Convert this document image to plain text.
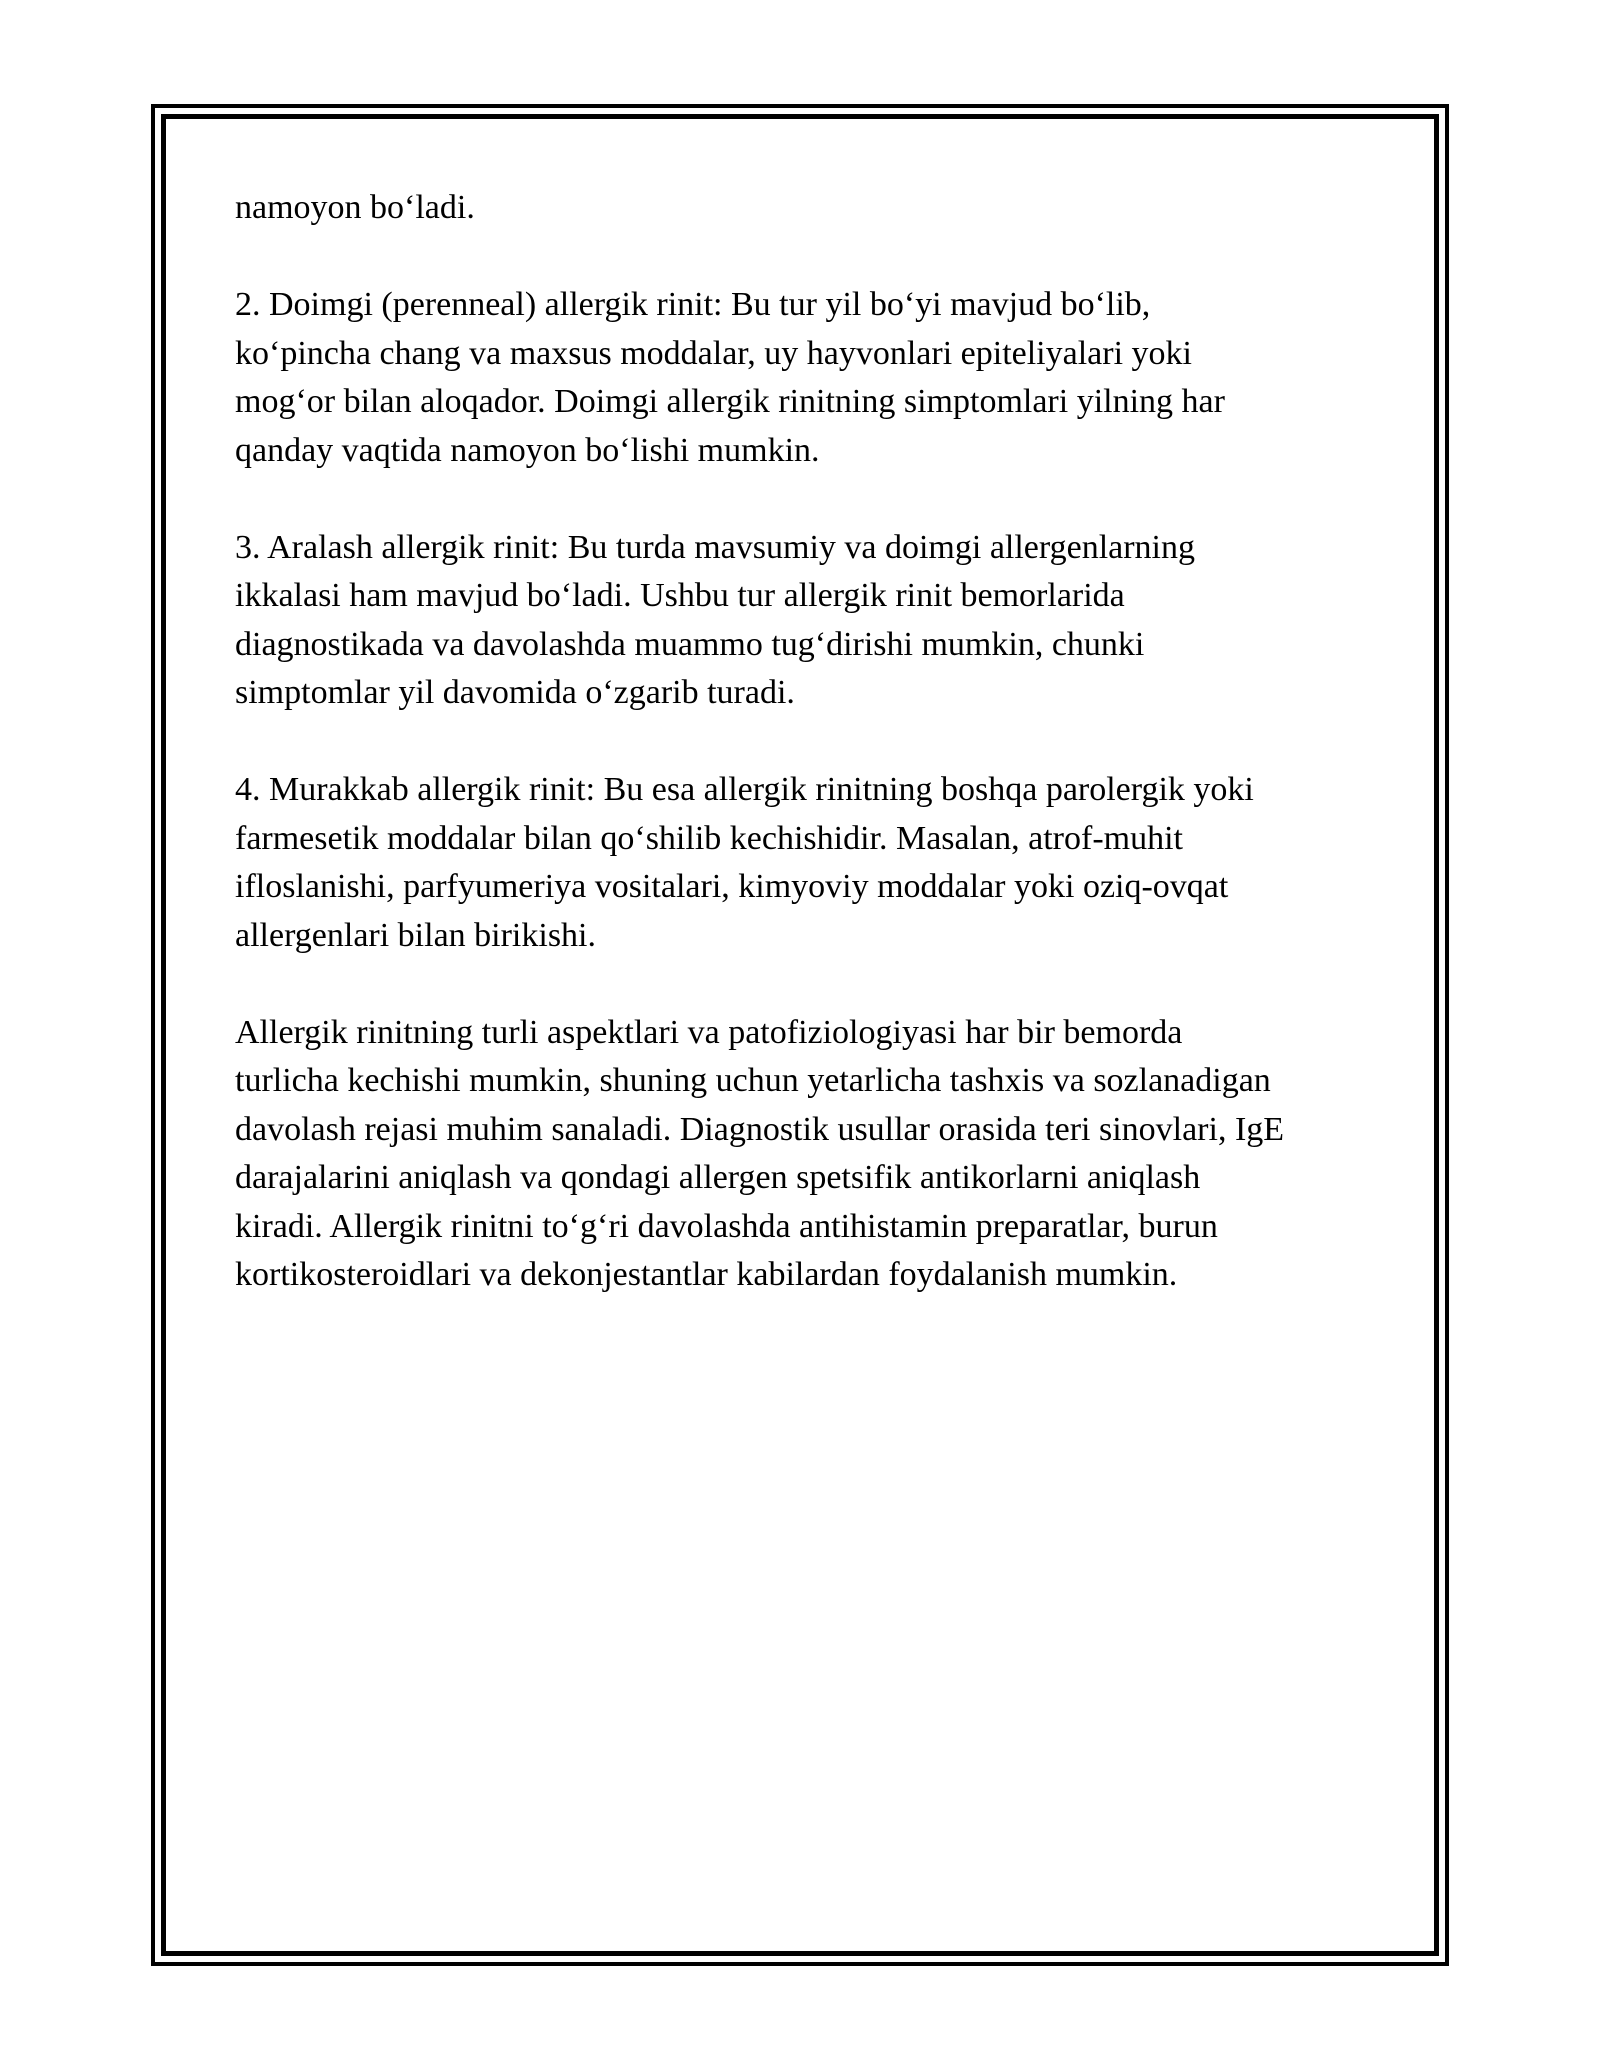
namoyon bo‘ladi.
2. Doimgi (perenneal) allergik rinit: Bu tur yil bo‘yi mavjud bo‘lib,
ko‘pincha chang va maxsus moddalar, uy hayvonlari epiteliyalari yoki
mog‘or bilan aloqador. Doimgi allergik rinitning simptomlari yilning har
qanday vaqtida namoyon bo‘lishi mumkin.
3. Aralash allergik rinit: Bu turda mavsumiy va doimgi allergenlarning
ikkalasi ham mavjud bo‘ladi. Ushbu tur allergik rinit bemorlarida
diagnostikada va davolashda muammo tug‘dirishi mumkin, chunki
simptomlar yil davomida o‘zgarib turadi.
4. Murakkab allergik rinit: Bu esa allergik rinitning boshqa parolergik yoki
farmesetik moddalar bilan qo‘shilib kechishidir. Masalan, atrof-muhit
ifloslanishi, parfyumeriya vositalari, kimyoviy moddalar yoki oziq-ovqat
allergenlari bilan birikishi.
Allergik rinitning turli aspektlari va patofiziologiyasi har bir bemorda
turlicha kechishi mumkin, shuning uchun yetarlicha tashxis va sozlanadigan
davolash rejasi muhim sanaladi. Diagnostik usullar orasida teri sinovlari, IgE
darajalarini aniqlash va qondagi allergen spetsifik antikorlarni aniqlash
kiradi. Allergik rinitni to‘g‘ri davolashda antihistamin preparatlar, burun
kortikosteroidlari va dekonjestantlar kabilardan foydalanish mumkin.
